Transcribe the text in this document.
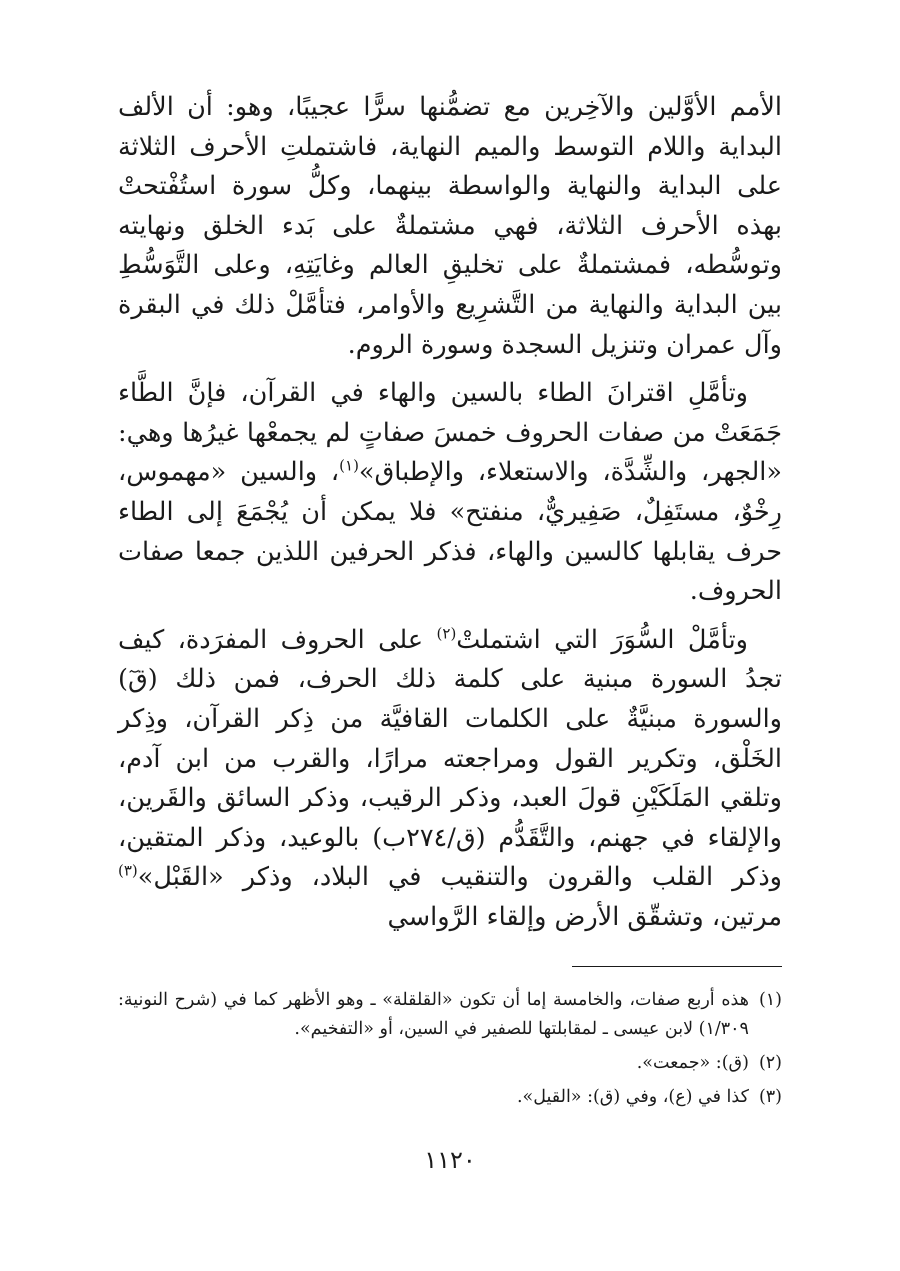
الأمم الأوَّلين والآخِرين مع تضمُّنها سرًّا عجيبًا، وهو: أن الألف البداية واللام التوسط والميم النهاية، فاشتملتِ الأحرف الثلاثة على البداية والنهاية والواسطة بينهما، وكلُّ سورة استُفْتحتْ بهذه الأحرف الثلاثة، فهي مشتملةٌ على بَدء الخلق ونهايته وتوسُّطه، فمشتملةٌ على تخليقِ العالم وغايَتِهِ، وعلى التَّوَسُّطِ بين البداية والنهاية من التَّشرِيع والأوامر، فتأمَّلْ ذلك في البقرة وآل عمران وتنزيل السجدة وسورة الروم.

وتأمَّلِ اقترانَ الطاء بالسين والهاء في القرآن، فإنَّ الطَّاء جَمَعَتْ من صفات الحروف خمسَ صفاتٍ لم يجمعْها غيرُها وهي: «الجهر، والشِّدَّة، والاستعلاء، والإطباق»$^{(١)}$، والسين «مهموس، رِخْوٌ، مستَفِلٌ، صَفِيريٌّ، منفتح» فلا يمكن أن يُجْمَعَ إلى الطاء حرف يقابلها كالسين والهاء، فذكر الحرفين اللذين جمعا صفات الحروف.

وتأمَّلْ السُّوَرَ التي اشتملتْ$^{(٢)}$ على الحروف المفرَدة، كيف تجدُ السورة مبنية على كلمة ذلك الحرف، فمن ذلك (قٓ) والسورة مبنيَّةٌ على الكلمات القافيَّة من ذِكر القرآن، وذِكر الخَلْق، وتكرير القول ومراجعته مرارًا، والقرب من ابن آدم، وتلقي المَلَكَيْنِ قولَ العبد، وذكر الرقيب، وذكر السائق والقَرين، والإلقاء في جهنم، والتَّقَدُّم (ق/٢٧٤ب) بالوعيد، وذكر المتقين، وذكر القلب والقرون والتنقيب في البلاد، وذكر «القَبْل»$^{(٣)}$ مرتين، وتشقّق الأرض وإلقاء الرَّواسي

(١)
هذه أربع صفات، والخامسة إما أن تكون «القلقلة» ـ وهو الأظهر كما في (شرح النونية: ١/٣٠٩) لابن عيسى ـ لمقابلتها للصفير في السين، أو «التفخيم».
(٢)
(ق): «جمعت».
(٣)
كذا في (ع)، وفي (ق): «القيل».
١١٢٠
